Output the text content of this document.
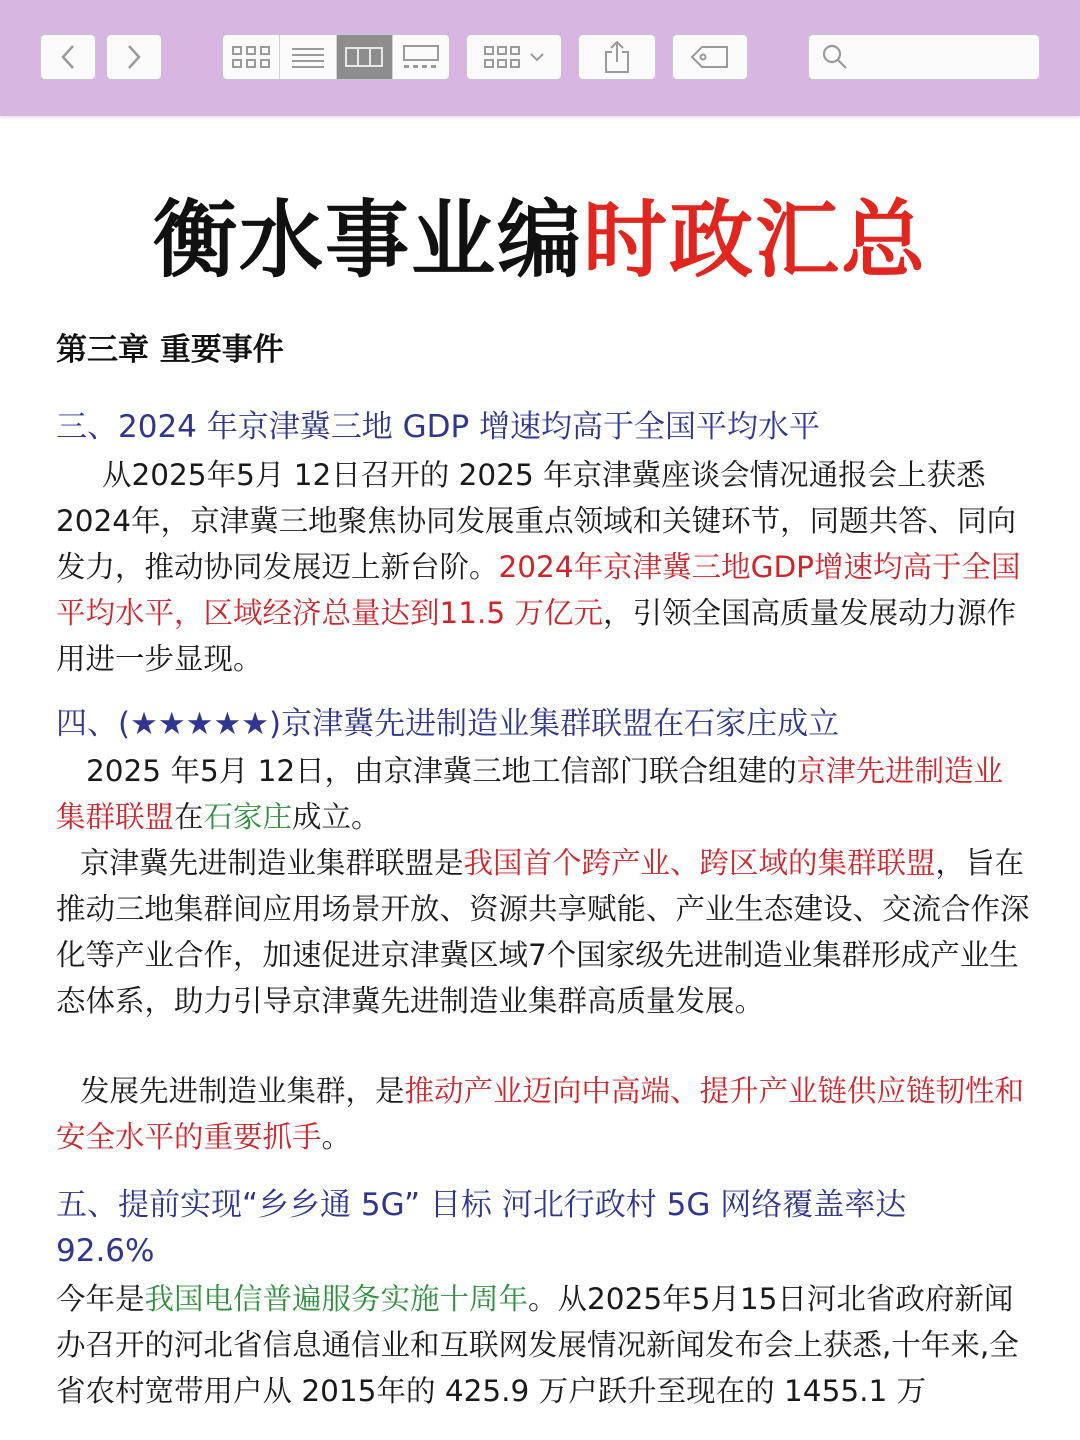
衡水事业编时政汇总
第三章 重要事件
三、2024 年京津冀三地 GDP 增速均高于全国平均水平
从2025年5月 12日召开的 2025 年京津冀座谈会情况通报会上获悉2024年，京津冀三地聚焦协同发展重点领域和关键环节，同题共答、同向发力，推动协同发展迈上新台阶。2024年京津冀三地GDP增速均高于全国平均水平，区域经济总量达到11.5 万亿元，引领全国高质量发展动力源作用进一步显现。
四、(★★★★★)京津冀先进制造业集群联盟在石家庄成立
2025 年5月 12日，由京津冀三地工信部门联合组建的京津先进制造业集群联盟在石家庄成立。
京津冀先进制造业集群联盟是我国首个跨产业、跨区域的集群联盟，旨在推动三地集群间应用场景开放、资源共享赋能、产业生态建设、交流合作深化等产业合作，加速促进京津冀区域7个国家级先进制造业集群形成产业生态体系，助力引导京津冀先进制造业集群高质量发展。
发展先进制造业集群，是推动产业迈向中高端、提升产业链供应链韧性和安全水平的重要抓手。
五、提前实现“乡乡通 5G” 目标 河北行政村 5G 网络覆盖率达
92.6%
今年是我国电信普遍服务实施十周年。从2025年5月15日河北省政府新闻办召开的河北省信息通信业和互联网发展情况新闻发布会上获悉,十年来,全省农村宽带用户从 2015年的 425.9 万户跃升至现在的 1455.1 万
